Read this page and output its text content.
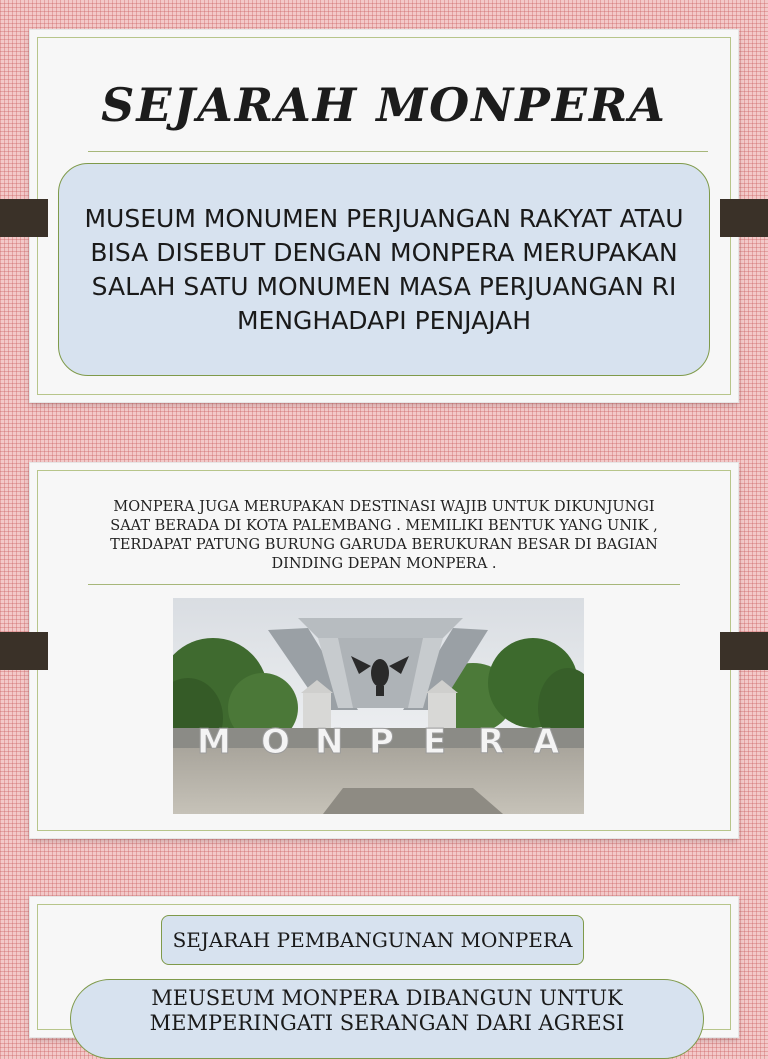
SEJARAH MONPERA
MUSEUM MONUMEN PERJUANGAN RAKYAT ATAU BISA DISEBUT DENGAN MONPERA MERUPAKAN SALAH SATU MONUMEN MASA PERJUANGAN RI MENGHADAPI PENJAJAH
MONPERA JUGA MERUPAKAN DESTINASI WAJIB UNTUK DIKUNJUNGI SAAT BERADA DI KOTA PALEMBANG . MEMILIKI BENTUK YANG UNIK , TERDAPAT PATUNG BURUNG GARUDA BERUKURAN BESAR DI BAGIAN DINDING DEPAN MONPERA .
M O N P E R A
SEJARAH PEMBANGUNAN MONPERA
MEUSEUM MONPERA DIBANGUN UNTUK MEMPERINGATI SERANGAN DARI AGRESI
